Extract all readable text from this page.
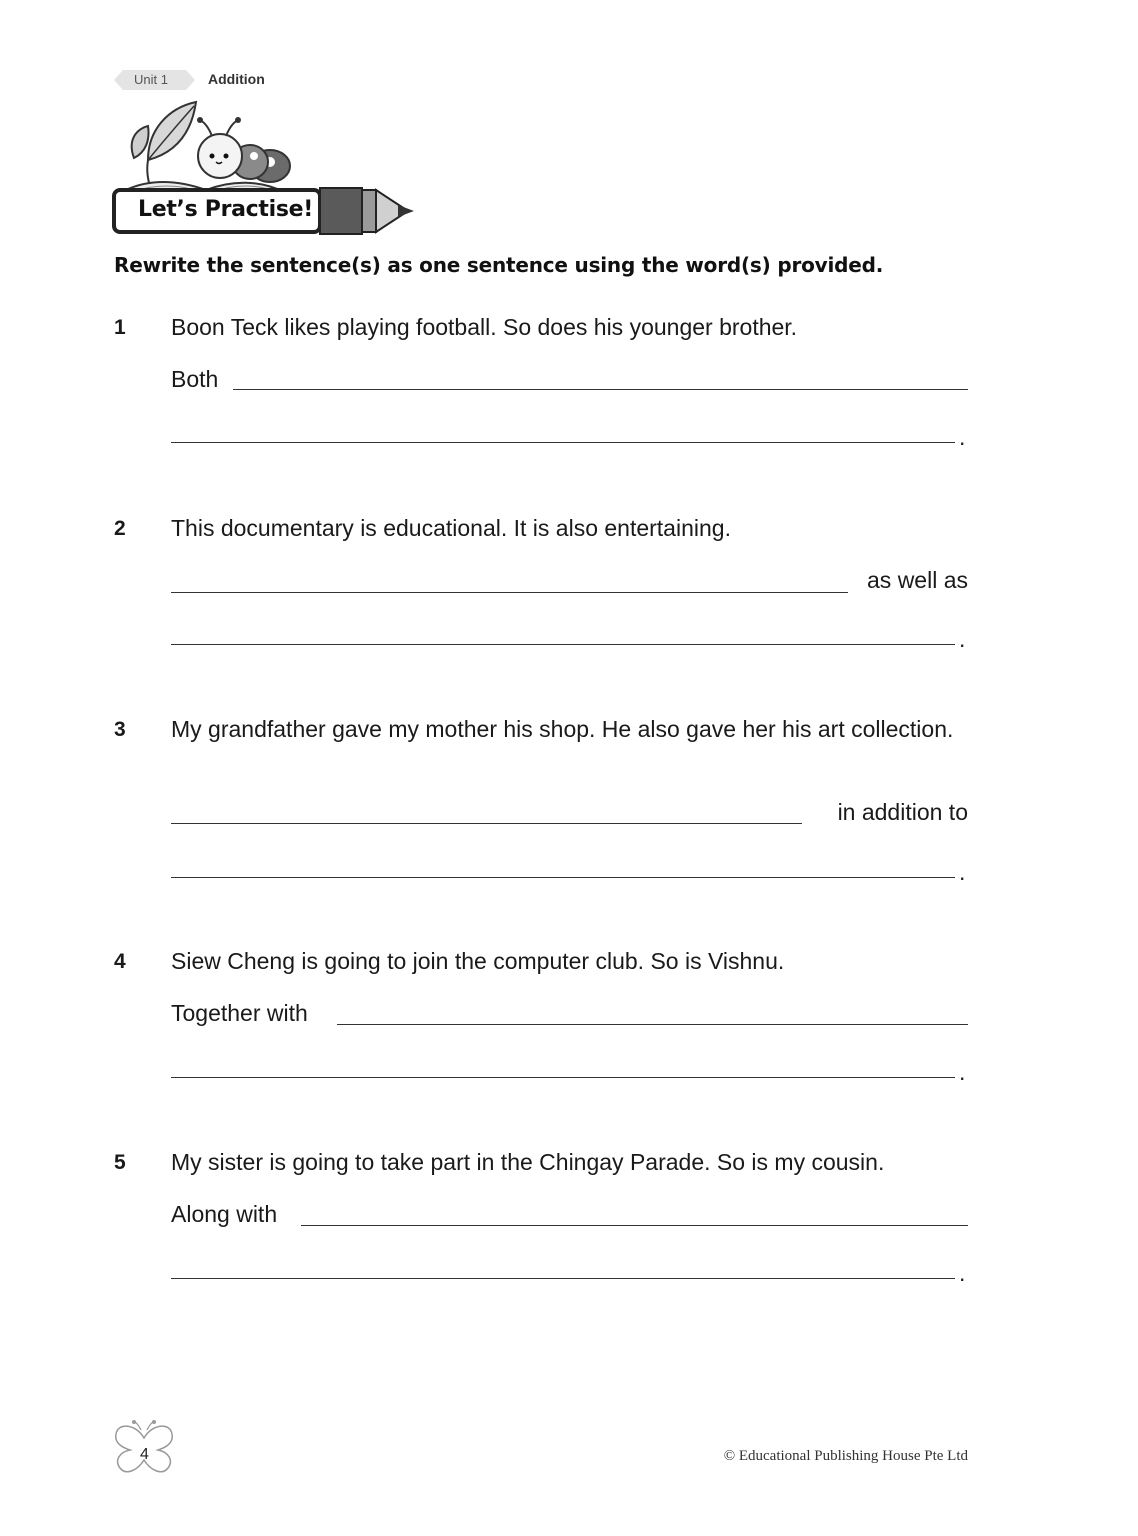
Unit 1	Addition
Let’s Practise!
Rewrite the sentence(s) as one sentence using the word(s) provided.
1 Boon Teck likes playing football. So does his younger brother.
Both
.
2 This documentary is educational. It is also entertaining.
as well as
.
3 My grandfather gave my mother his shop. He also gave her his art collection.
in addition to
.
4 Siew Cheng is going to join the computer club. So is Vishnu.
Together with
.
5 My sister is going to take part in the Chingay Parade. So is my cousin.
Along with
.
4	© Educational Publishing House Pte Ltd
